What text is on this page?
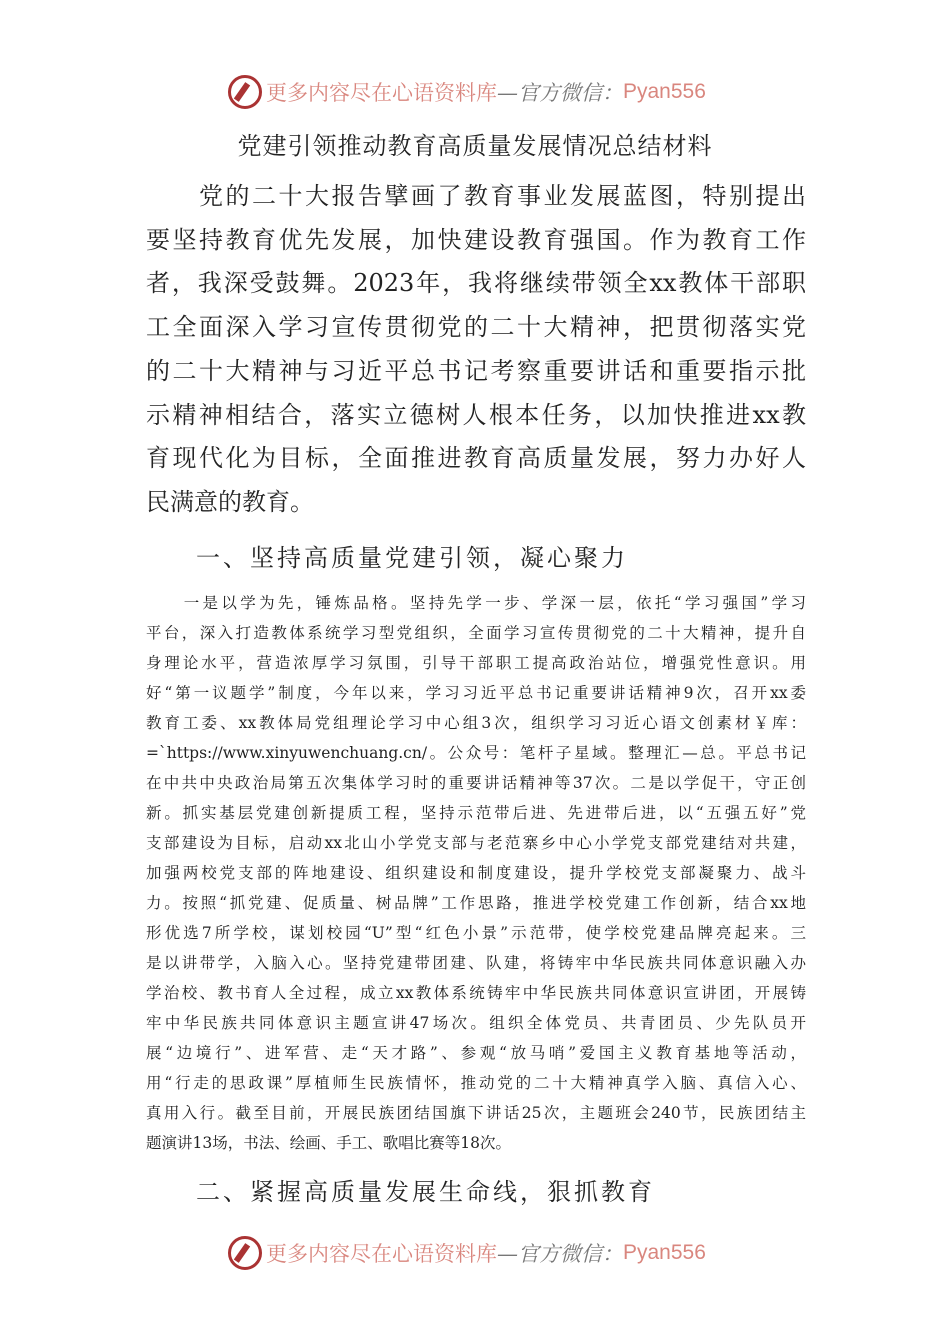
更多内容尽在心语资料库 —官方微信： Pyan556
党建引领推动教育高质量发展情况总结材料
　　党的二十大报告擘画了教育事业发展蓝图，特别提出
要坚持教育优先发展，加快建设教育强国。作为教育工作
者，我深受鼓舞。2023年，我将继续带领全xx教体干部职
工全面深入学习宣传贯彻党的二十大精神，把贯彻落实党
的二十大精神与习近平总书记考察重要讲话和重要指示批
示精神相结合，落实立德树人根本任务，以加快推进xx教
育现代化为目标，全面推进教育高质量发展，努力办好人
民满意的教育。
一、坚持高质量党建引领，凝心聚力
　　一是以学为先，锤炼品格。坚持先学一步、学深一层，依托“学习强国”学习
平台，深入打造教体系统学习型党组织，全面学习宣传贯彻党的二十大精神，提升自
身理论水平，营造浓厚学习氛围，引导干部职工提高政治站位，增强党性意识。用
好“第一议题学”制度，今年以来，学习习近平总书记重要讲话精神9次，召开xx委
教育工委、xx教体局党组理论学习中心组3次，组织学习习近心语文创素材￥库：
=`https://www.xinyuwenchuang.cn/。公众号：笔杆子星域。整理汇—总。平总书记
在中共中央政治局第五次集体学习时的重要讲话精神等37次。二是以学促干，守正创
新。抓实基层党建创新提质工程，坚持示范带后进、先进带后进，以“五强五好”党
支部建设为目标，启动xx北山小学党支部与老范寨乡中心小学党支部党建结对共建，
加强两校党支部的阵地建设、组织建设和制度建设，提升学校党支部凝聚力、战斗
力。按照“抓党建、促质量、树品牌”工作思路，推进学校党建工作创新，结合xx地
形优选7所学校，谋划校园“U”型“红色小景”示范带，使学校党建品牌亮起来。三
是以讲带学，入脑入心。坚持党建带团建、队建，将铸牢中华民族共同体意识融入办
学治校、教书育人全过程，成立xx教体系统铸牢中华民族共同体意识宣讲团，开展铸
牢中华民族共同体意识主题宣讲47场次。组织全体党员、共青团员、少先队员开
展“边境行”、进军营、走“天才路”、参观“放马哨”爱国主义教育基地等活动，
用“行走的思政课”厚植师生民族情怀，推动党的二十大精神真学入脑、真信入心、
真用入行。截至目前，开展民族团结国旗下讲话25次，主题班会240节，民族团结主
题演讲13场，书法、绘画、手工、歌唱比赛等18次。
二、紧握高质量发展生命线，狠抓教育
更多内容尽在心语资料库 —官方微信： Pyan556
